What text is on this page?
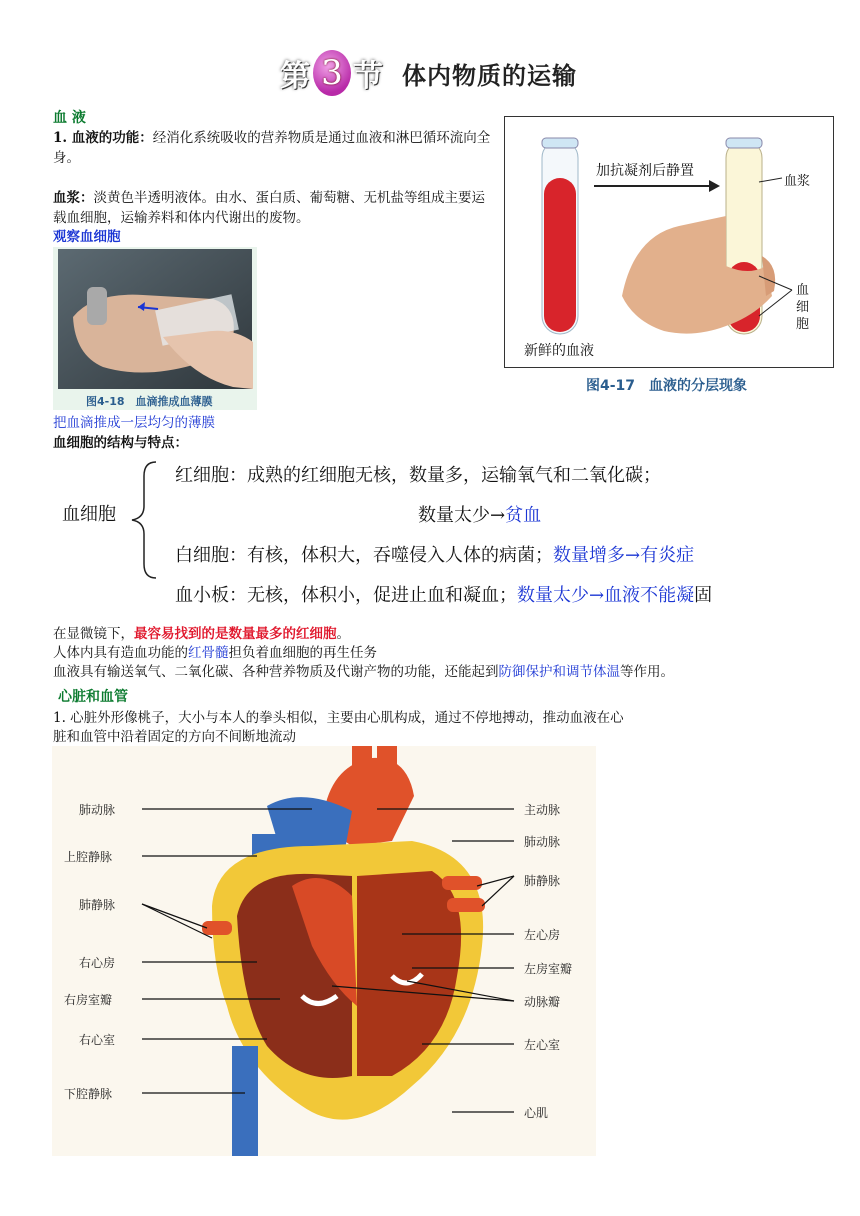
第 3 节 体内物质的运输
血 液
1. 血液的功能：经消化系统吸收的营养物质是通过血液和淋巴循环流向全身。
血浆：淡黄色半透明液体。由水、蛋白质、葡萄糖、无机盐等组成主要运载血细胞，运输养料和体内代谢出的废物。
观察血细胞
图4-18　血滴推成血薄膜
把血滴推成一层均匀的薄膜
血细胞的结构与特点：
加抗凝剂后静置
血浆
血
细
胞
新鲜的血液
图4-17　血液的分层现象
血细胞
红细胞：成熟的红细胞无核，数量多，运输氧气和二氧化碳；
数量太少→贫血
白细胞：有核，体积大，吞噬侵入人体的病菌；数量增多→有炎症
血小板：无核，体积小，促进止血和凝血；数量太少→血液不能凝固
在显微镜下，最容易找到的是数量最多的红细胞。
人体内具有造血功能的红骨髓担负着血细胞的再生任务
血液具有输送氧气、二氧化碳、各种营养物质及代谢产物的功能，还能起到防御保护和调节体温等作用。
心脏和血管
1. 心脏外形像桃子，大小与本人的拳头相似，主要由心肌构成，通过不停地搏动，推动血液在心
脏和血管中沿着固定的方向不间断地流动
肺动脉
上腔静脉
肺静脉
右心房
右房室瓣
右心室
下腔静脉
主动脉
肺动脉
肺静脉
左心房
左房室瓣
动脉瓣
左心室
心肌
